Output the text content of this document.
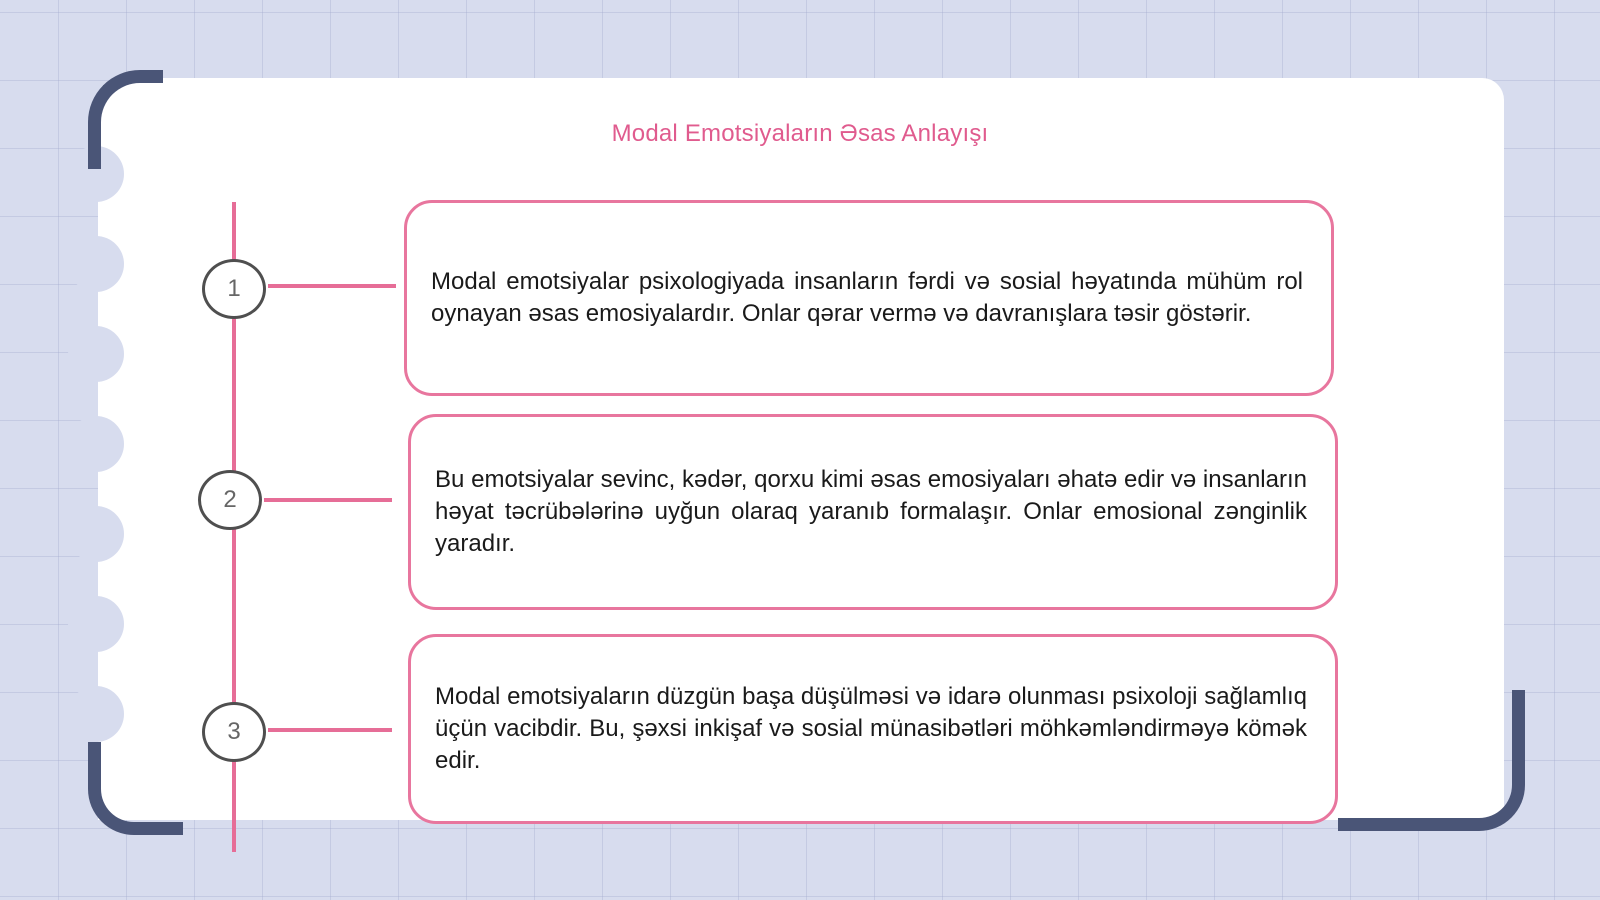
Modal Emotsiyaların Əsas Anlayışı
1
2
3

Modal emotsiyalar psixologiyada insanların fərdi və sosial həyatında mühüm rol oynayan əsas emosiyalardır. Onlar qərar vermə və davranışlara təsir göstərir.

Bu emotsiyalar sevinc, kədər, qorxu kimi əsas emosiyaları əhatə edir və insanların həyat təcrübələrinə uyğun olaraq yaranıb formalaşır. Onlar emosional zənginlik yaradır.

Modal emotsiyaların düzgün başa düşülməsi və idarə olunması psixoloji sağlamlıq üçün vacibdir. Bu, şəxsi inkişaf və sosial münasibətləri möhkəmləndirməyə kömək edir.
